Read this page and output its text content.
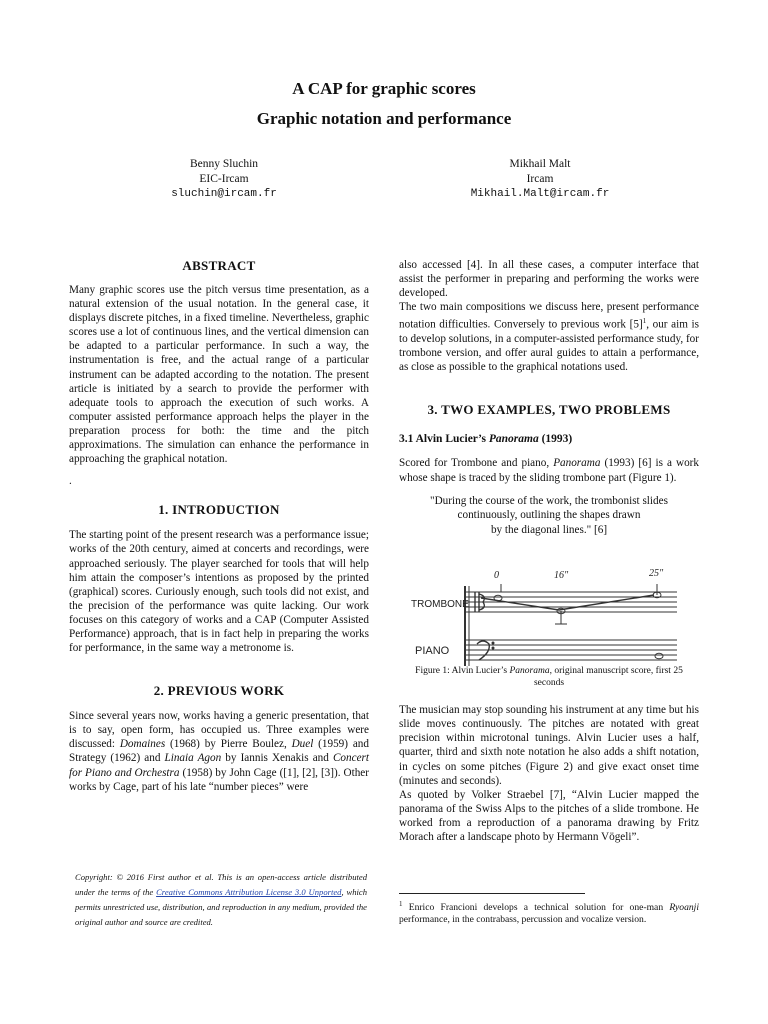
A CAP for graphic scores
Graphic notation and performance
Benny Sluchin
EIC-Ircam
sluchin@ircam.fr
Mikhail Malt
Ircam
Mikhail.Malt@ircam.fr
ABSTRACT

Many graphic scores use the pitch versus time presentation, as a natural extension of the usual notation. In the general case, it displays discrete pitches, in a fixed timeline. Nevertheless, graphic scores use a lot of continuous lines, and the vertical dimension can be adapted to a particular performance. In such a way, the instrumentation is free, and the actual range of a particular instrument can be adapted according to the notation. The present article is initiated by a search to provide the performer with adequate tools to approach the execution of such works. A computer assisted performance approach helps the player in the preparation process for both: the time and the pitch approximations. The simulation can enhance the performance in approaching the graphical notation.

.

1. INTRODUCTION

The starting point of the present research was a performance issue; works of the 20th century, aimed at concerts and recordings, were approached seriously. The player searched for tools that will help him attain the composer’s intentions as proposed by the printed (graphical) scores. Curiously enough, such tools did not exist, and the precision of the performance was quite lacking. Our work focuses on this category of works and a CAP (Computer Assisted Performance) approach, that is in fact help in preparing the works for performance, in the same way a metronome is.

2. PREVIOUS WORK

Since several years now, works having a generic presentation, that is to say, open form, has occupied us. Three examples were discussed: Domaines (1968) by Pierre Boulez, Duel (1959) and Strategy (1962) and Linaia Agon by Iannis Xenakis and Concert for Piano and Orchestra (1958) by John Cage ([1], [2], [3]). Other works by Cage, part of his late “number pieces” were

also accessed [4]. In all these cases, a computer interface that assist the performer in preparing and performing the works were developed.

The two main compositions we discuss here, present performance notation difficulties. Conversely to previous work $[5]^1$, our aim is to develop solutions, in a computer-assisted performance study, for trombone version, and offer aural guides to attain a performance, as close as possible to the graphical notations used.

3. TWO EXAMPLES, TWO PROBLEMS
3.1 Alvin Lucier’s Panorama (1993)

Scored for Trombone and piano, Panorama (1993) [6] is a work whose shape is traced by the sliding trombone part (Figure 1).

"During the course of the work, the trombonist slides
continuously, outlining the shapes drawn
by the diagonal lines." [6]
Figure 1: Alvin Lucier’s Panorama, original manuscript score, first 25 seconds

The musician may stop sounding his instrument at any time but his slide moves continuously. The pitches are notated with great precision within microtonal tunings. Alvin Lucier uses a half, quarter, third and sixth note notation he also adds a shift notation, in cycles on some pitches (Figure 2) and give exact onset time (minutes and seconds).

As quoted by Volker Straebel [7], “Alvin Lucier mapped the panorama of the Swiss Alps to the pitches of a slide trombone. He worked from a reproduction of a panorama drawing by Fritz Morach after a landscape photo by Hermann Vögeli”.

TROMBONE
PIANO
0	16"	25"
Copyright: © 2016 First author et al. This is an open-access article distributed under the terms of the Creative Commons Attribution License 3.0 Unported, which permits unrestricted use, distribution, and reproduction in any medium, provided the original author and source are credited.
$^1$ Enrico Francioni develops a technical solution for one-man Ryoanji performance, in the contrabass, percussion and vocalize version.
